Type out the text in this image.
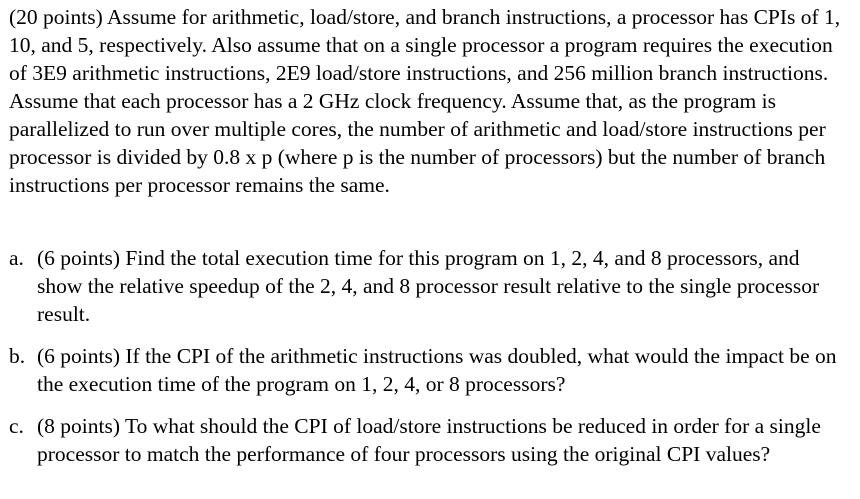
(20 points) Assume for arithmetic, load/store, and branch instructions, a processor has CPIs of 1, 10, and 5, respectively. Also assume that on a single processor a program requires the execution of 3E9 arithmetic instructions, 2E9 load/store instructions, and 256 million branch instructions. Assume that each processor has a 2 GHz clock frequency. Assume that, as the program is parallelized to run over multiple cores, the number of arithmetic and load/store instructions per processor is divided by 0.8 x p (where p is the number of processors) but the number of branch instructions per processor remains the same.

a. (6 points) Find the total execution time for this program on 1, 2, 4, and 8 processors, and show the relative speedup of the 2, 4, and 8 processor result relative to the single processor result.
b. (6 points) If the CPI of the arithmetic instructions was doubled, what would the impact be on the execution time of the program on 1, 2, 4, or 8 processors?
c. (8 points) To what should the CPI of load/store instructions be reduced in order for a single processor to match the performance of four processors using the original CPI values?
